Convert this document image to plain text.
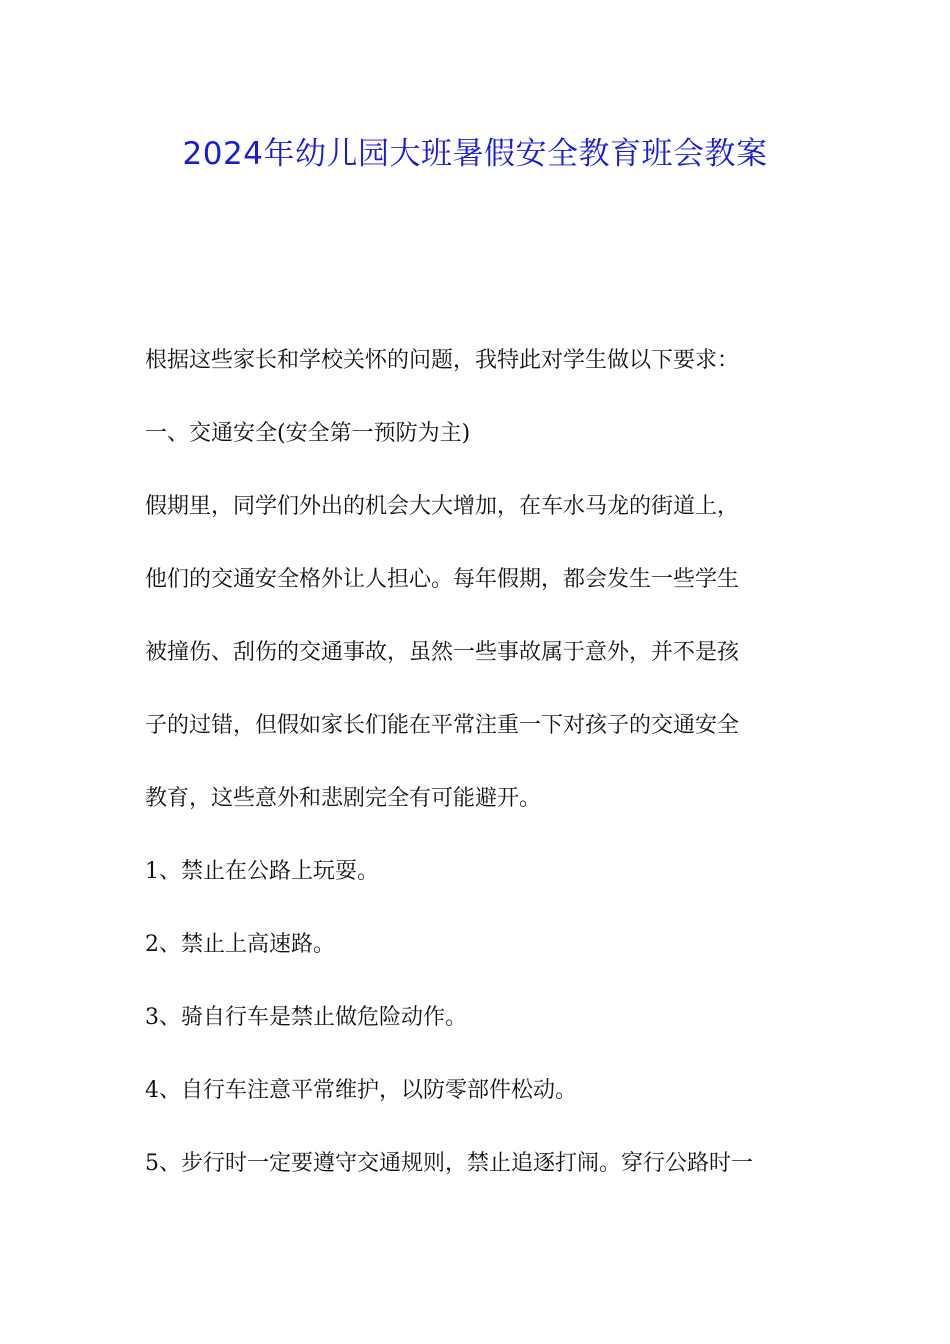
2024年幼儿园大班暑假安全教育班会教案

根据这些家长和学校关怀的问题，我特此对学生做以下要求：

一、交通安全(安全第一预防为主)

假期里，同学们外出的机会大大增加，在车水马龙的街道上，

他们的交通安全格外让人担心。每年假期，都会发生一些学生

被撞伤、刮伤的交通事故，虽然一些事故属于意外，并不是孩

子的过错，但假如家长们能在平常注重一下对孩子的交通安全

教育，这些意外和悲剧完全有可能避开。

1、禁止在公路上玩耍。

2、禁止上高速路。

3、骑自行车是禁止做危险动作。

4、自行车注意平常维护，以防零部件松动。

5、步行时一定要遵守交通规则，禁止追逐打闹。穿行公路时一
